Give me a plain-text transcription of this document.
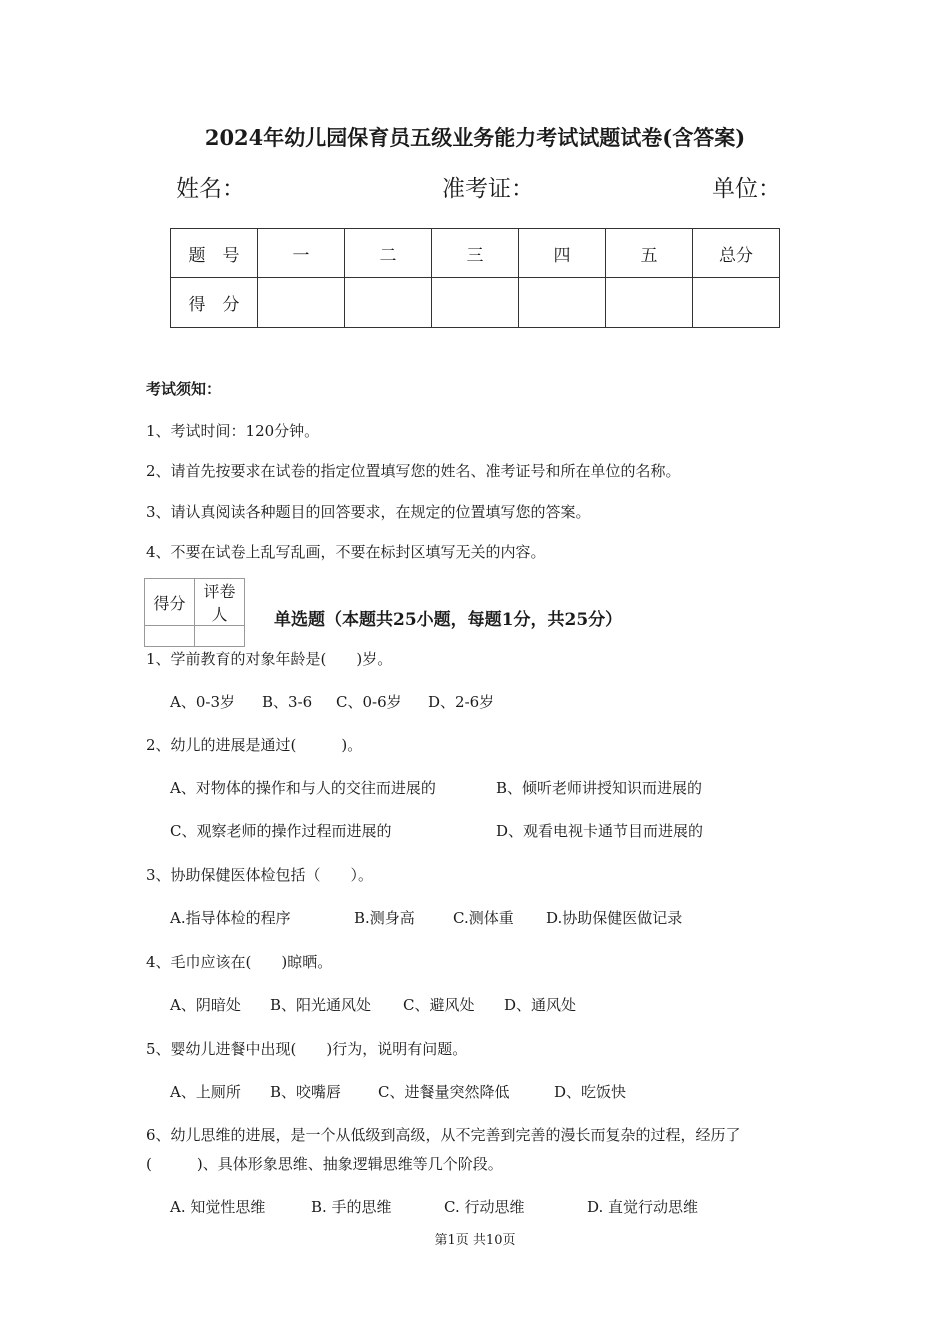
2024年幼儿园保育员五级业务能力考试试题试卷(含答案)
姓名：	准考证：	单位：
题　号	一	二	三	四	五	总分
得　分						
考试须知：
1、考试时间：120分钟。
2、请首先按要求在试卷的指定位置填写您的姓名、准考证号和所在单位的名称。
3、请认真阅读各种题目的回答要求，在规定的位置填写您的答案。
4、不要在试卷上乱写乱画，不要在标封区填写无关的内容。
得分	评卷人
		单选题（本题共25小题，每题1分，共25分）
1、学前教育的对象年龄是(　　)岁。
A、0-3岁 B、3-6 C、0-6岁 D、2-6岁
2、幼儿的进展是通过(　　　)。
A、对物体的操作和与人的交往而进展的	B、倾听老师讲授知识而进展的
C、观察老师的操作过程而进展的	D、观看电视卡通节目而进展的
3、协助保健医体检包括（　　）。
A.指导体检的程序	B.测身高	C.测体重 D.协助保健医做记录
4、毛巾应该在(　　)晾晒。
A、阴暗处 B、阳光通风处 C、避风处 D、通风处
5、婴幼儿进餐中出现(　　)行为，说明有问题。
A、上厕所 B、咬嘴唇 C、进餐量突然降低	D、吃饭快
6、幼儿思维的进展，是一个从低级到高级，从不完善到完善的漫长而复杂的过程，经历了
(　　　)、具体形象思维、抽象逻辑思维等几个阶段。
A. 知觉性思维	B. 手的思维	C. 行动思维	D. 直觉行动思维
第1页 共10页
